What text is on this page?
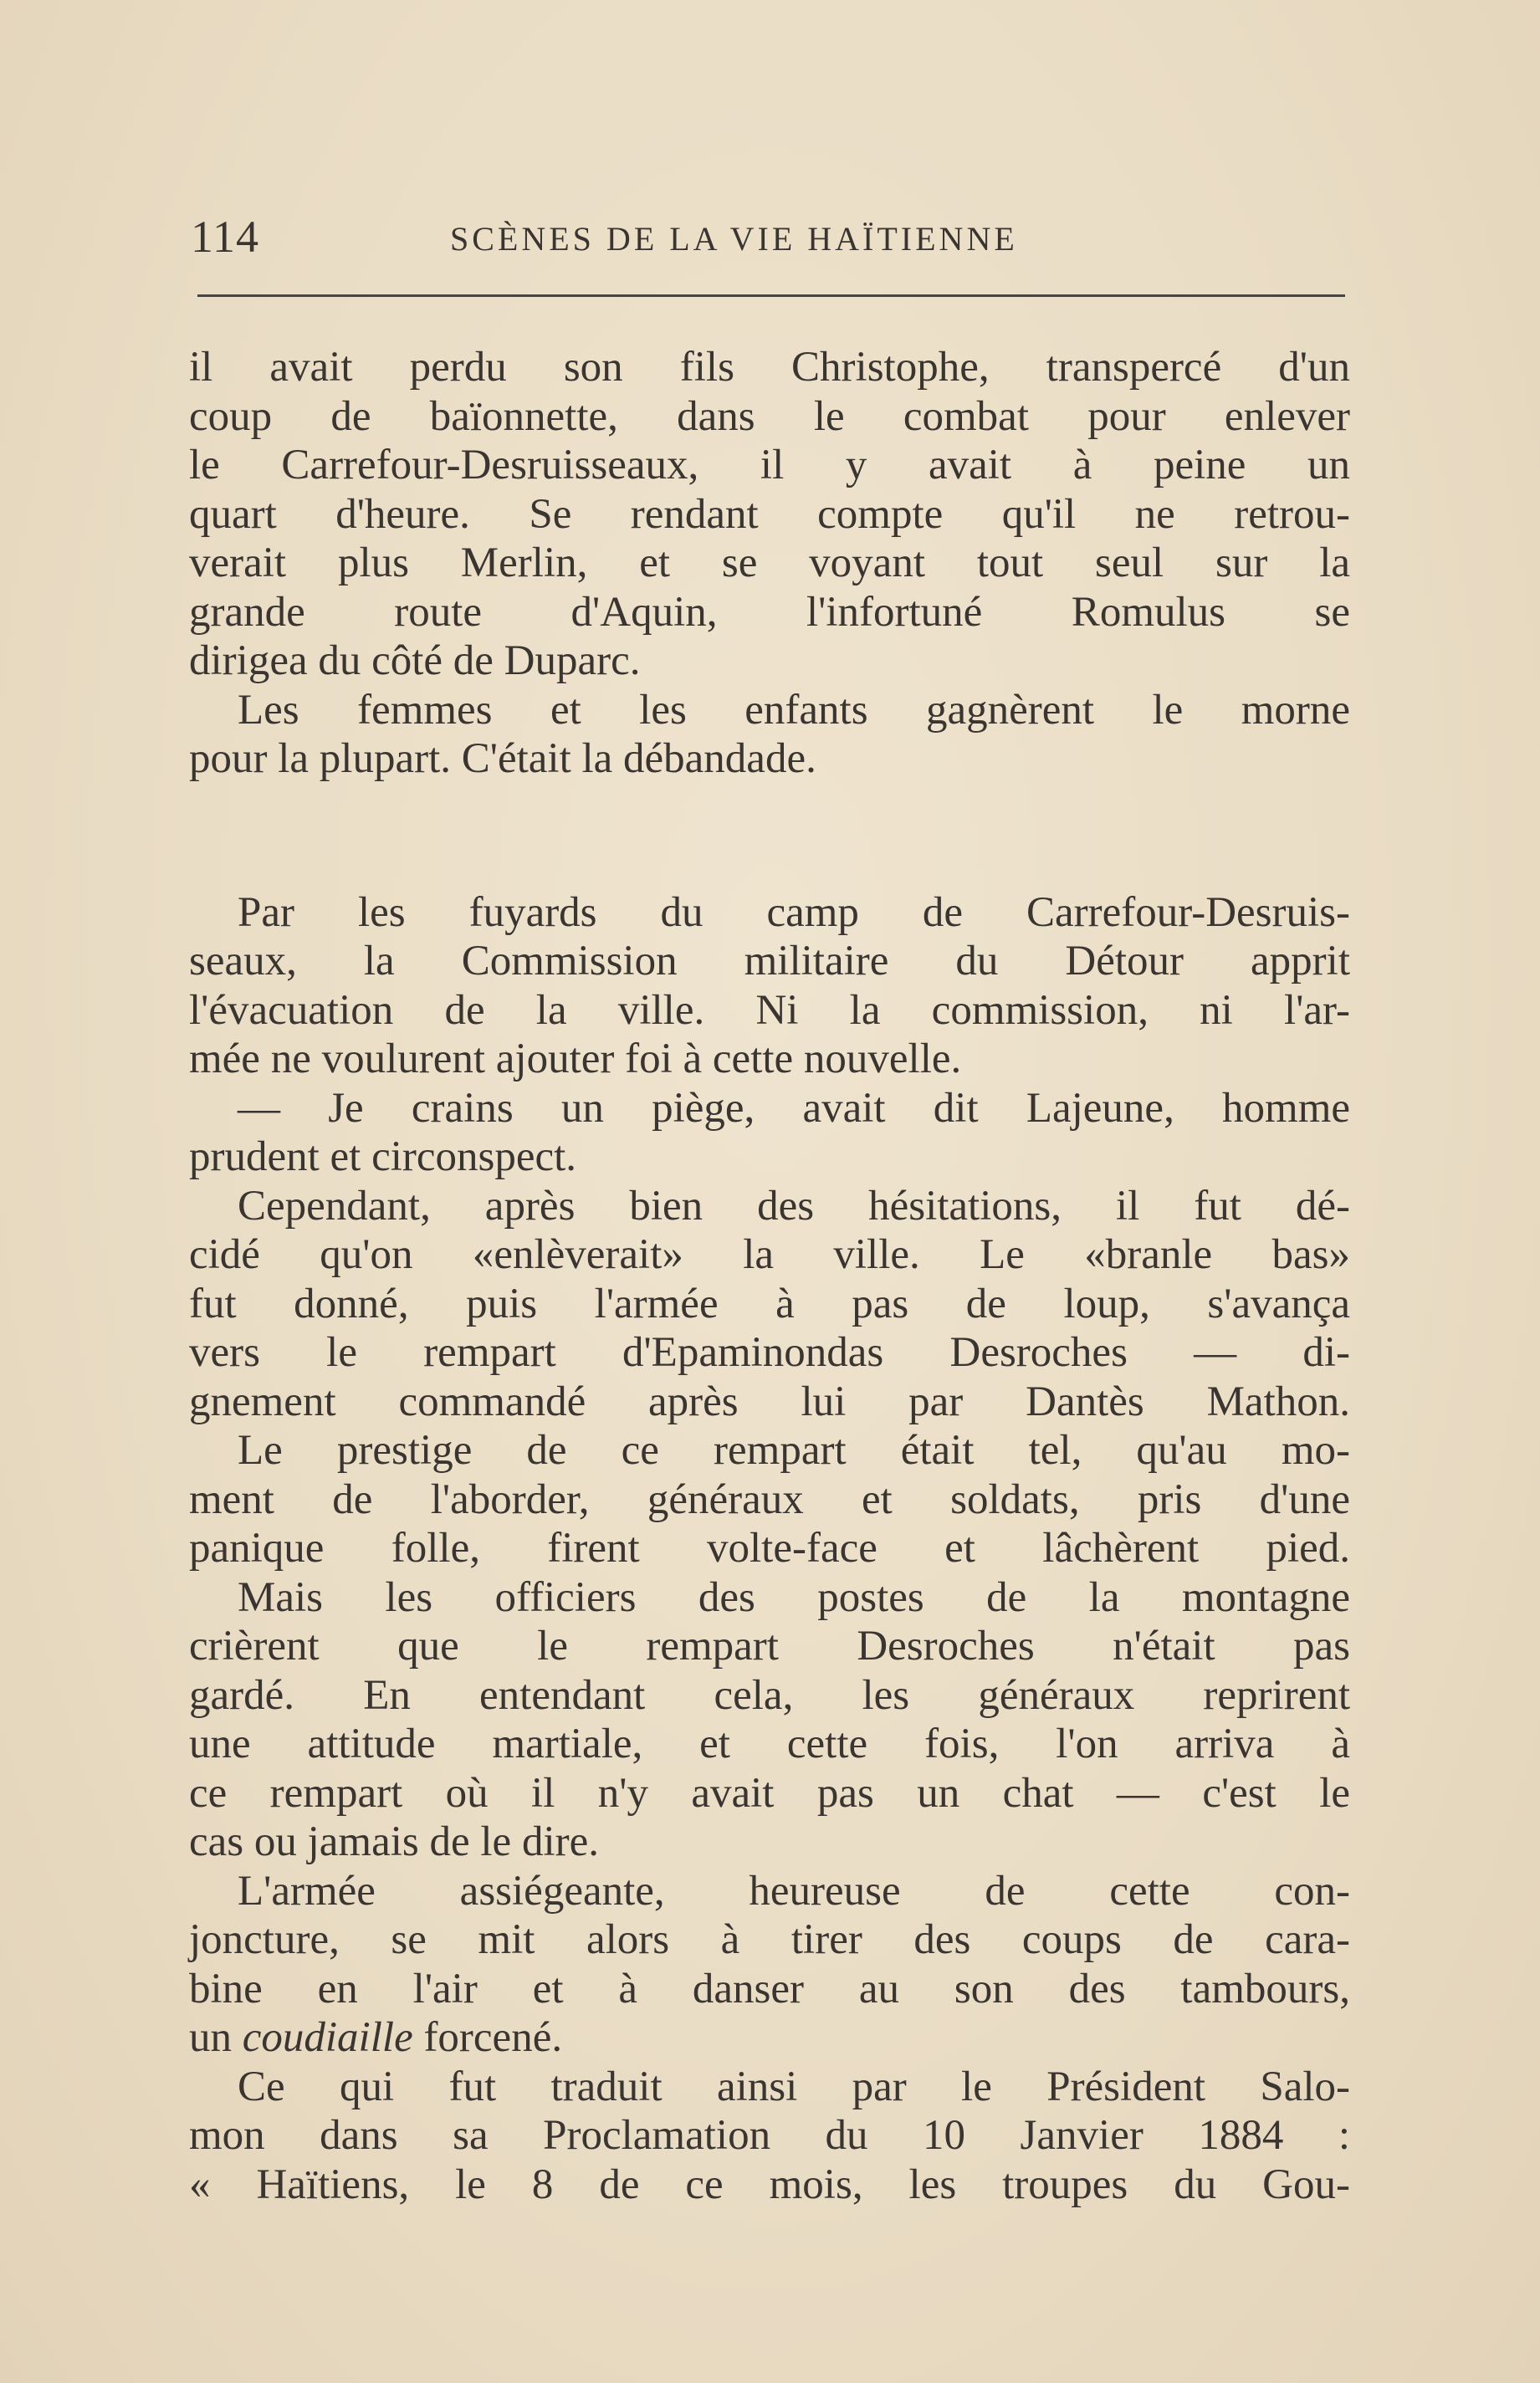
114	SCÈNES DE LA VIE HAÏTIENNE
il avait perdu son fils Christophe, transpercé d'un
coup de baïonnette, dans le combat pour enlever
le Carrefour-Desruisseaux, il y avait à peine un
quart d'heure. Se rendant compte qu'il ne retrou-
verait plus Merlin, et se voyant tout seul sur la
grande route d'Aquin, l'infortuné Romulus se
dirigea du côté de Duparc.
Les femmes et les enfants gagnèrent le morne
pour la plupart. C'était la débandade.
Par les fuyards du camp de Carrefour-Desruis-
seaux, la Commission militaire du Détour apprit
l'évacuation de la ville. Ni la commission, ni l'ar-
mée ne voulurent ajouter foi à cette nouvelle.
— Je crains un piège, avait dit Lajeune, homme
prudent et circonspect.
Cependant, après bien des hésitations, il fut dé-
cidé qu'on «enlèverait» la ville. Le «branle bas»
fut donné, puis l'armée à pas de loup, s'avança
vers le rempart d'Epaminondas Desroches — di-
gnement commandé après lui par Dantès Mathon.
Le prestige de ce rempart était tel, qu'au mo-
ment de l'aborder, généraux et soldats, pris d'une
panique folle, firent volte-face et lâchèrent pied.
Mais les officiers des postes de la montagne
crièrent que le rempart Desroches n'était pas
gardé. En entendant cela, les généraux reprirent
une attitude martiale, et cette fois, l'on arriva à
ce rempart où il n'y avait pas un chat — c'est le
cas ou jamais de le dire.
L'armée assiégeante, heureuse de cette con-
joncture, se mit alors à tirer des coups de cara-
bine en l'air et à danser au son des tambours,
un coudiaille forcené.
Ce qui fut traduit ainsi par le Président Salo-
mon dans sa Proclamation du 10 Janvier 1884 :
« Haïtiens, le 8 de ce mois, les troupes du Gou-
